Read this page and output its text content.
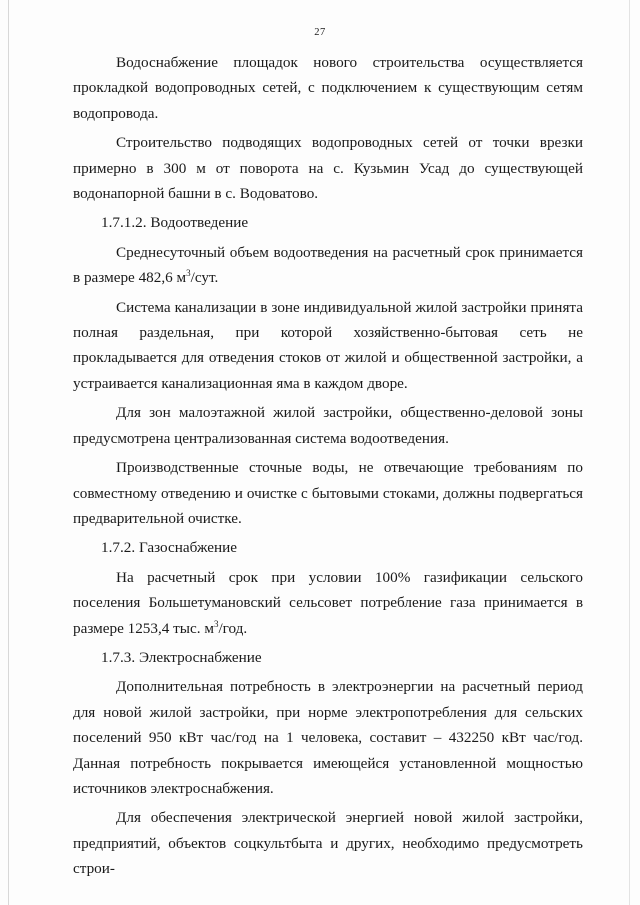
27

Водоснабжение площадок нового строительства осуществляется прокладкой водопроводных сетей, с подключением к существующим сетям водопровода.

Строительство подводящих водопроводных сетей от точки врезки примерно в 300 м от поворота на с. Кузьмин Усад до существующей водонапорной башни в с. Водоватово.

1.7.1.2. Водоотведение

Среднесуточный объем водоотведения на расчетный срок принимается в размере 482,6 $м^3$/сут.

Система канализации в зоне индивидуальной жилой застройки принята полная раздельная, при которой хозяйственно-бытовая сеть не прокладывается для отведения стоков от жилой и общественной застройки, а устраивается канализационная яма в каждом дворе.

Для зон малоэтажной жилой застройки, общественно-деловой зоны предусмотрена централизованная система водоотведения.

Производственные сточные воды, не отвечающие требованиям по совместному отведению и очистке с бытовыми стоками, должны подвергаться предварительной очистке.

1.7.2. Газоснабжение

На расчетный срок при условии 100% газификации сельского поселения Большетумановский сельсовет потребление газа принимается в размере 1253,4 тыс. $м^3$/год.

1.7.3. Электроснабжение

Дополнительная потребность в электроэнергии на расчетный период для новой жилой застройки, при норме электропотребления для сельских поселений 950 кВт час/год на 1 человека, составит – 432250 кВт час/год. Данная потребность покрывается имеющейся установленной мощностью источников электроснабжения.

Для обеспечения электрической энергией новой жилой застройки, предприятий, объектов соцкультбыта и других, необходимо предусмотреть строи-
